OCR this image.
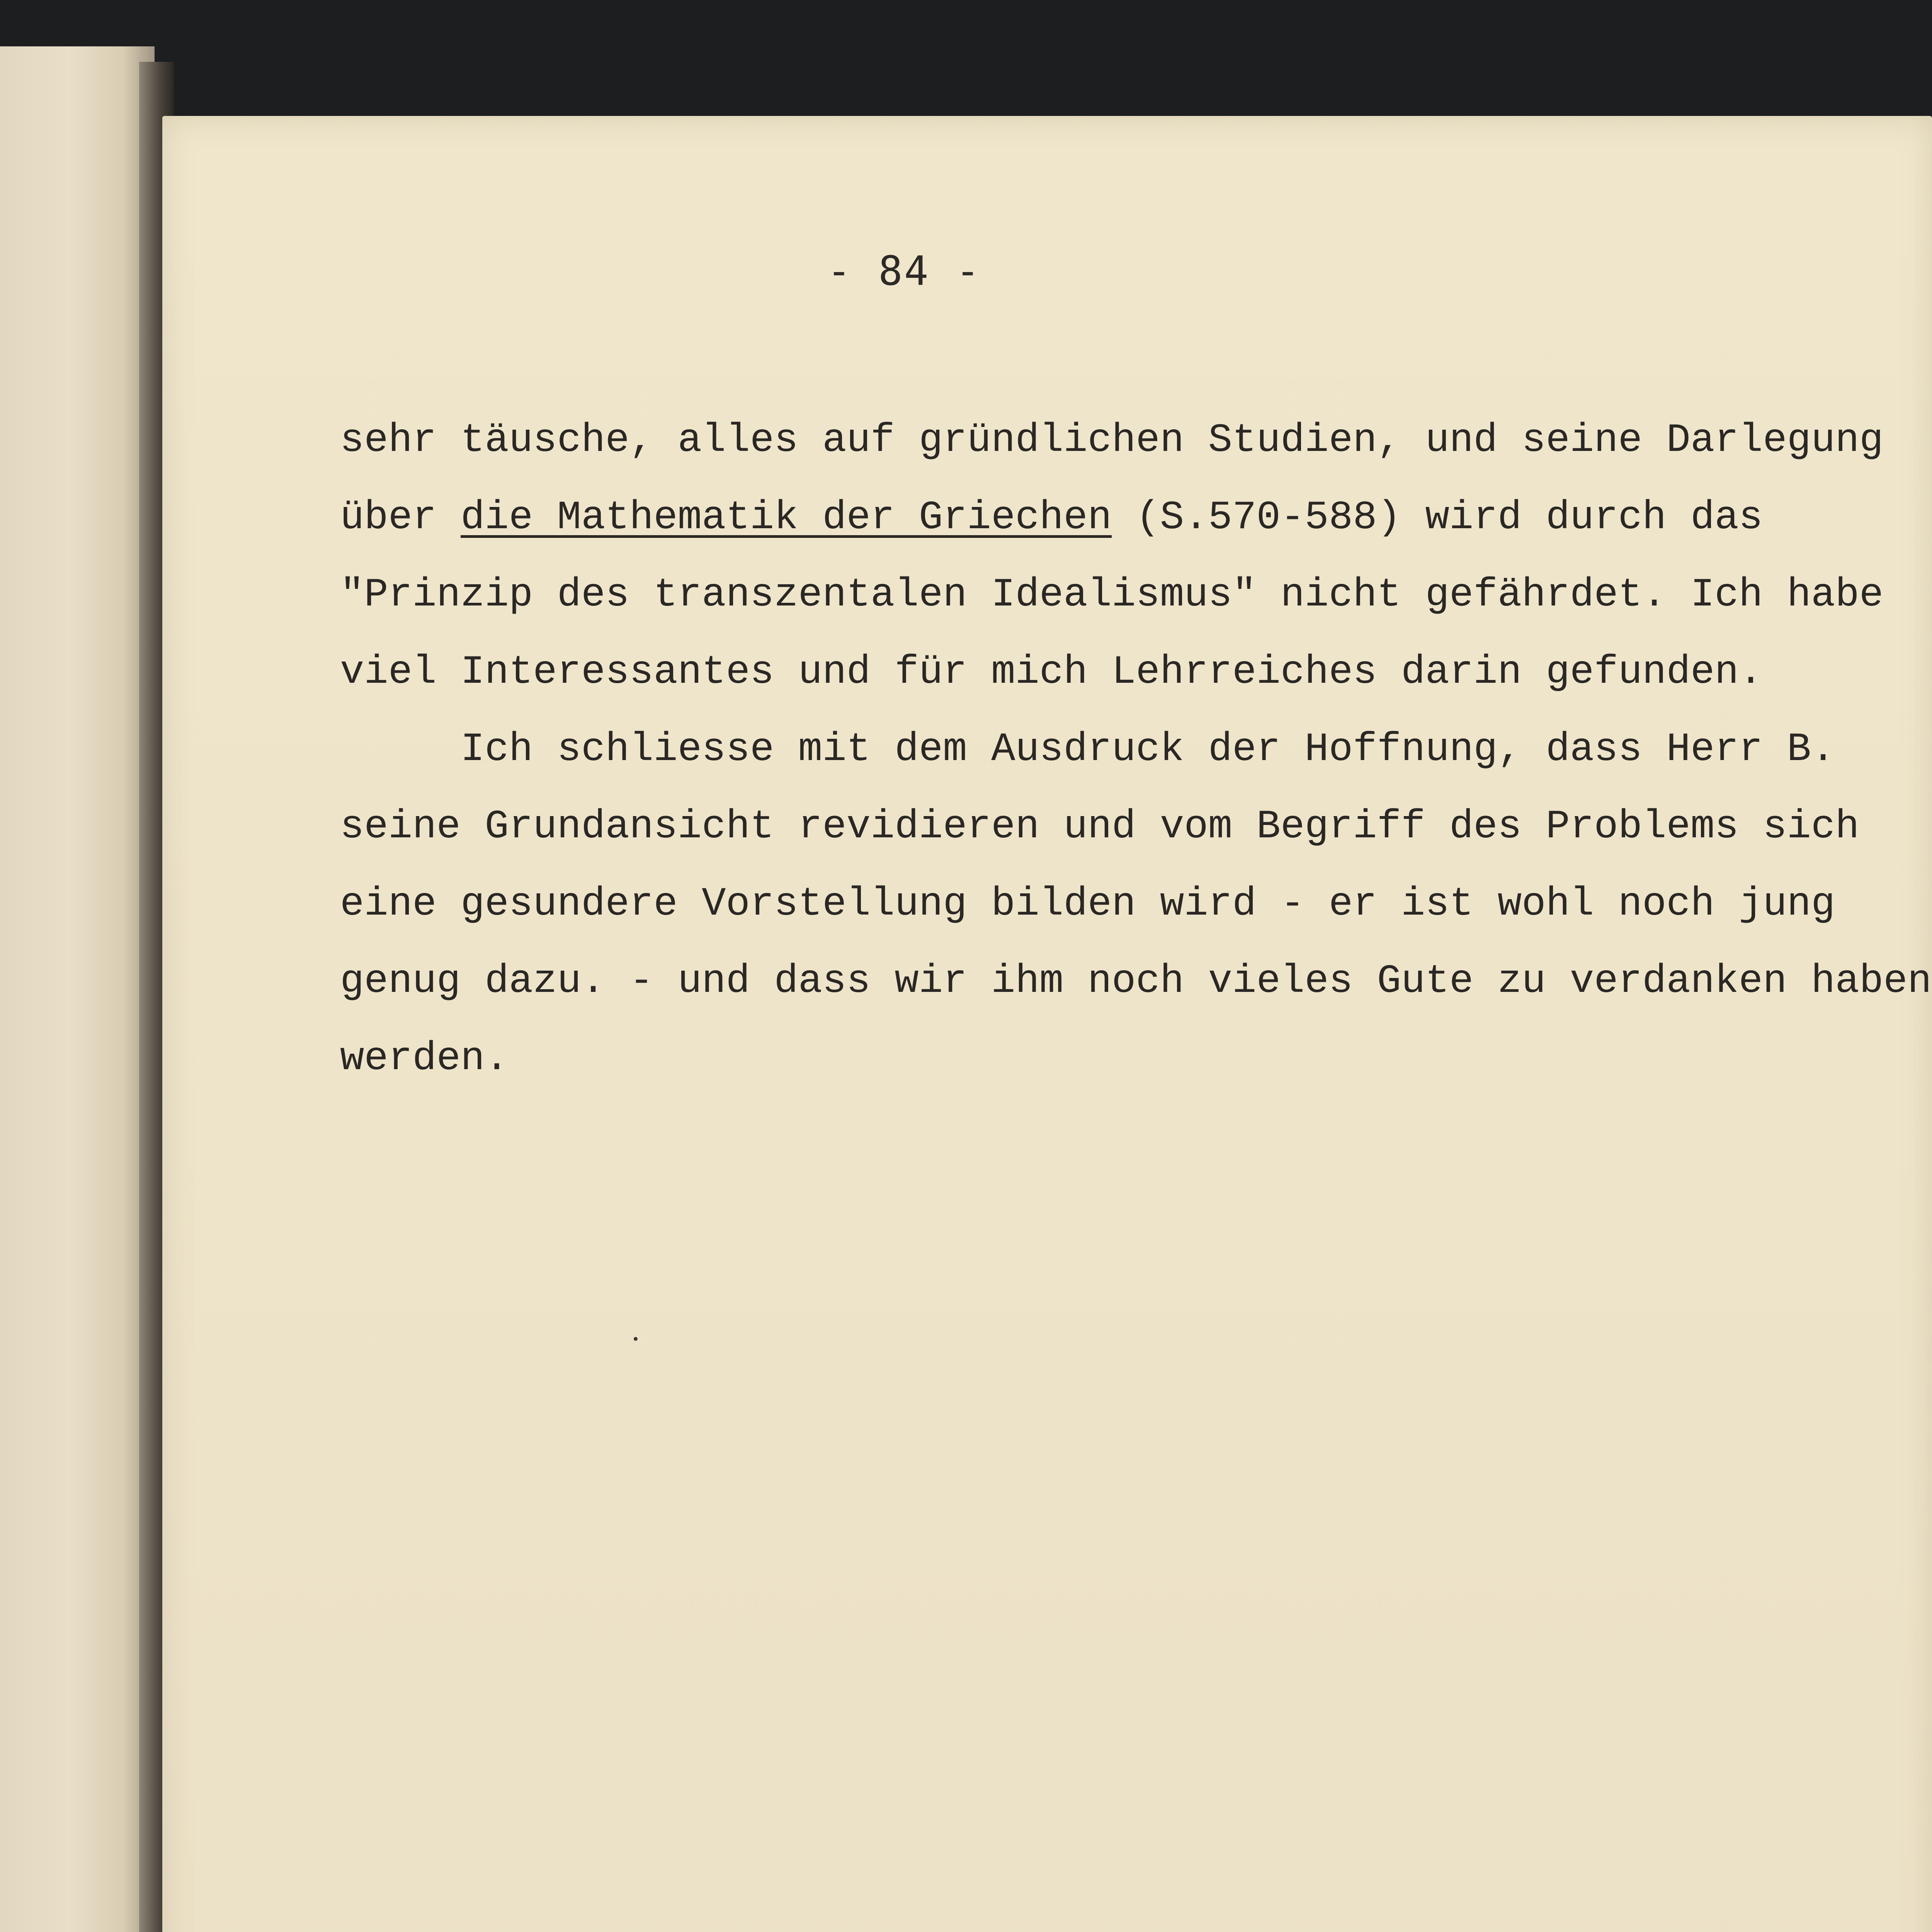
- 84 -
sehr täusche, alles auf gründlichen Studien, und seine Darlegung
über die Mathematik der Griechen (S.570-588) wird durch das
"Prinzip des transzentalen Idealismus" nicht gefährdet. Ich habe
viel Interessantes und für mich Lehrreiches darin gefunden.
Ich schliesse mit dem Ausdruck der Hoffnung, dass Herr B.
seine Grundansicht revidieren und vom Begriff des Problems sich
eine gesundere Vorstellung bilden wird - er ist wohl noch jung
genug dazu. - und dass wir ihm noch vieles Gute zu verdanken haben
werden.
